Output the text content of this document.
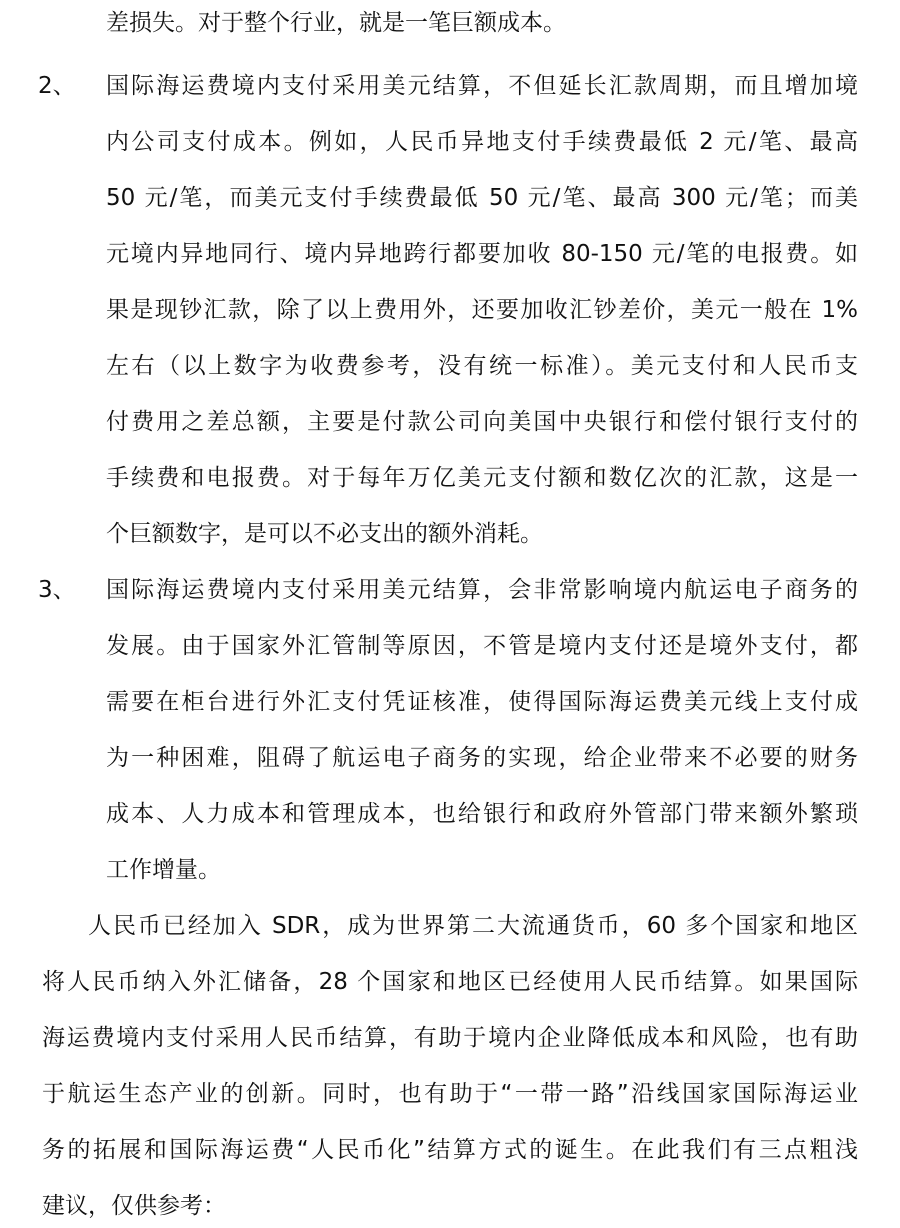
差损失。对于整个行业，就是一笔巨额成本。
2、 国际海运费境内支付采用美元结算，不但延长汇款周期，而且增加境
内公司支付成本。例如，人民币异地支付手续费最低 2 元/笔、最高
50 元/笔，而美元支付手续费最低 50 元/笔、最高 300 元/笔；而美
元境内异地同行、境内异地跨行都要加收 80-150 元/笔的电报费。如
果是现钞汇款，除了以上费用外，还要加收汇钞差价，美元一般在 1%
左右（以上数字为收费参考，没有统一标准）。美元支付和人民币支
付费用之差总额，主要是付款公司向美国中央银行和偿付银行支付的
手续费和电报费。对于每年万亿美元支付额和数亿次的汇款，这是一
个巨额数字，是可以不必支出的额外消耗。
3、 国际海运费境内支付采用美元结算，会非常影响境内航运电子商务的
发展。由于国家外汇管制等原因，不管是境内支付还是境外支付，都
需要在柜台进行外汇支付凭证核准，使得国际海运费美元线上支付成
为一种困难，阻碍了航运电子商务的实现，给企业带来不必要的财务
成本、人力成本和管理成本，也给银行和政府外管部门带来额外繁琐
工作增量。
人民币已经加入 SDR，成为世界第二大流通货币，60 多个国家和地区
将人民币纳入外汇储备，28 个国家和地区已经使用人民币结算。如果国际
海运费境内支付采用人民币结算，有助于境内企业降低成本和风险，也有助
于航运生态产业的创新。同时，也有助于“一带一路”沿线国家国际海运业
务的拓展和国际海运费“人民币化”结算方式的诞生。在此我们有三点粗浅
建议，仅供参考：
